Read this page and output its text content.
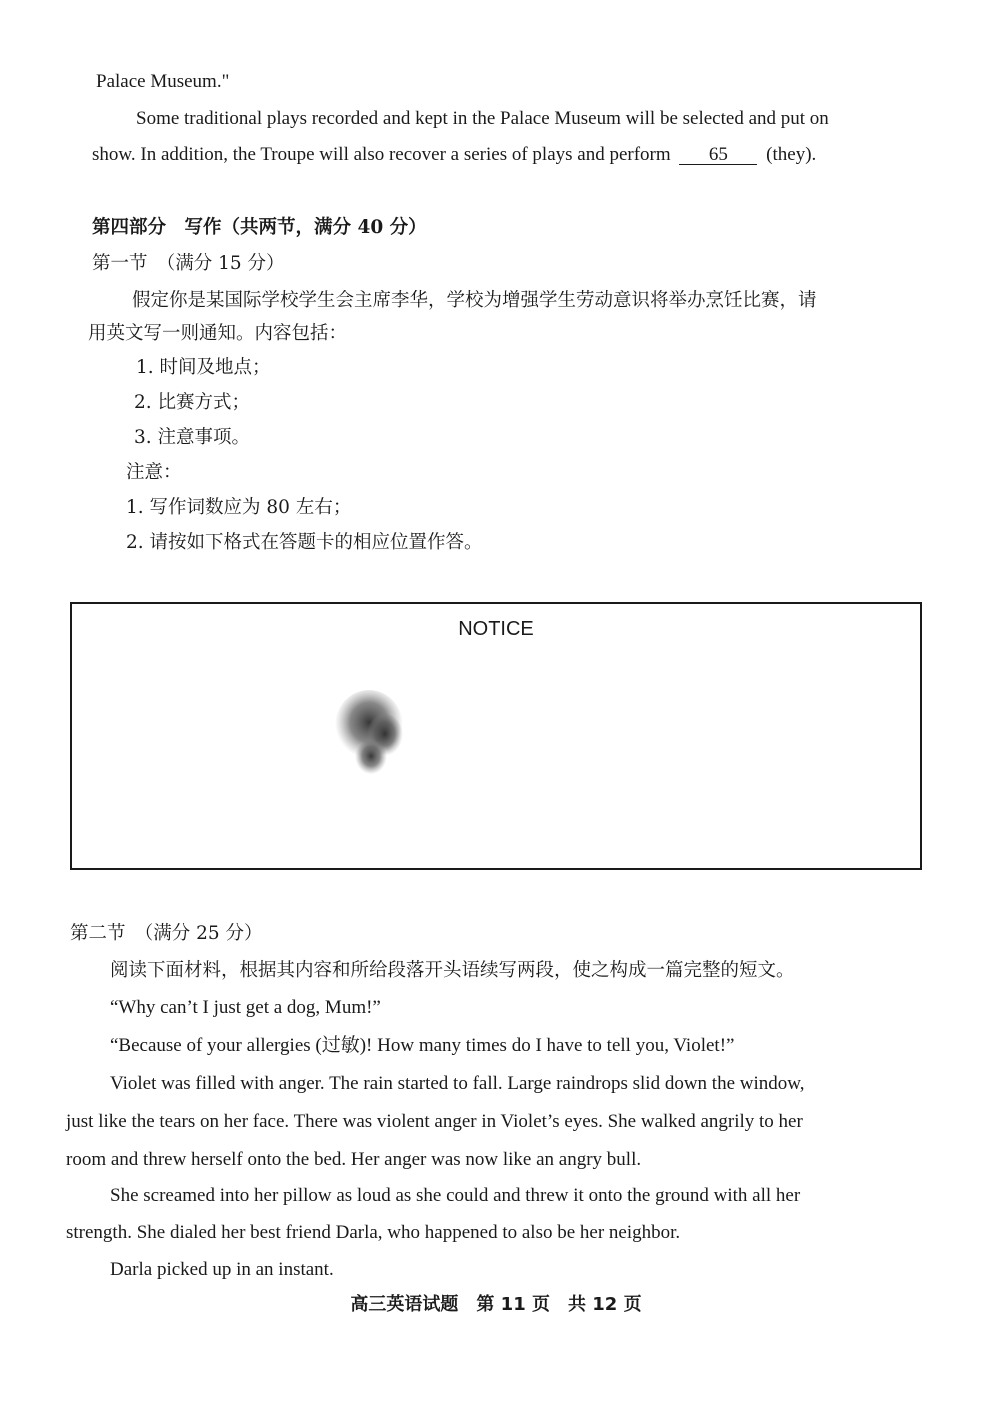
Palace Museum."
Some traditional plays recorded and kept in the Palace Museum will be selected and put on
show. In addition, the Troupe will also recover a series of plays and perform 65 (they).
第四部分　写作（共两节，满分 40 分）
第一节　（满分 15 分）
假定你是某国际学校学生会主席李华，学校为增强学生劳动意识将举办烹饪比赛，请
用英文写一则通知。内容包括：
1. 时间及地点；
2. 比赛方式；
3. 注意事项。
注意：
1. 写作词数应为 80 左右；
2. 请按如下格式在答题卡的相应位置作答。
NOTICE
第二节　（满分 25 分）
阅读下面材料，根据其内容和所给段落开头语续写两段，使之构成一篇完整的短文。
“Why can’t I just get a dog, Mum!”
“Because of your allergies (过敏)! How many times do I have to tell you, Violet!”
Violet was filled with anger. The rain started to fall. Large raindrops slid down the window,
just like the tears on her face. There was violent anger in Violet’s eyes. She walked angrily to her
room and threw herself onto the bed. Her anger was now like an angry bull.
She screamed into her pillow as loud as she could and threw it onto the ground with all her
strength. She dialed her best friend Darla, who happened to also be her neighbor.
Darla picked up in an instant.
高三英语试题　第 11 页　共 12 页
